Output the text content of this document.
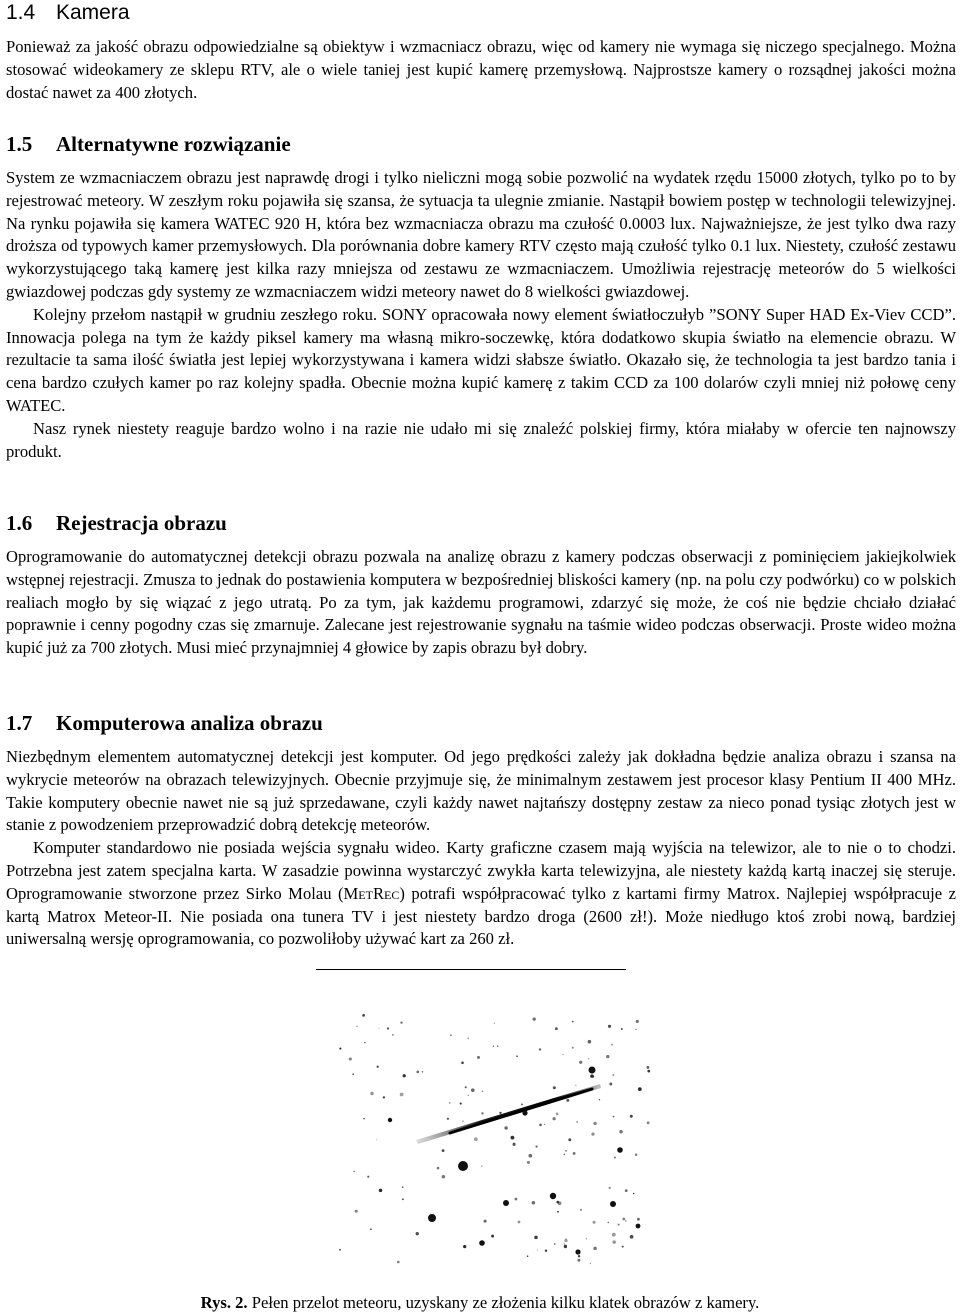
1.4 Kamera

Ponieważ za jakość obrazu odpowiedzialne są obiektyw i wzmacniacz obrazu, więc od kamery nie wymaga się niczego specjalnego. Można stosować wideokamery ze sklepu RTV, ale o wiele taniej jest kupić kamerę przemysłową. Najprostsze kamery o rozsądnej jakości można dostać nawet za 400 złotych.

1.5	Alternatywne rozwiązanie

System ze wzmacniaczem obrazu jest naprawdę drogi i tylko nieliczni mogą sobie pozwolić na wydatek rzędu 15000 złotych, tylko po to by rejestrować meteory. W zeszłym roku pojawiła się szansa, że sytuacja ta ulegnie zmianie. Nastąpił bowiem postęp w technologii telewizyjnej. Na rynku pojawiła się kamera WATEC 920 H, która bez wzmacniacza obrazu ma czułość 0.0003 lux. Najważniejsze, że jest tylko dwa razy droższa od typowych kamer przemysłowych. Dla porównania dobre kamery RTV często mają czułość tylko 0.1 lux. Niestety, czułość zestawu wykorzystującego taką kamerę jest kilka razy mniejsza od zestawu ze wzmacniaczem. Umożliwia rejestrację meteorów do 5 wielkości gwiazdowej podczas gdy systemy ze wzmacniaczem widzi meteory nawet do 8 wielkości gwiazdowej.

Kolejny przełom nastąpił w grudniu zeszłego roku. SONY opracowała nowy element światłoczułyb ”SONY Super HAD Ex-Viev CCD”. Innowacja polega na tym że każdy piksel kamery ma własną mikro-soczewkę, która dodatkowo skupia światło na elemencie obrazu. W rezultacie ta sama ilość światła jest lepiej wykorzystywana i kamera widzi słabsze światło. Okazało się, że technologia ta jest bardzo tania i cena bardzo czułych kamer po raz kolejny spadła. Obecnie można kupić kamerę z takim CCD za 100 dolarów czyli mniej niż połowę ceny WATEC.

Nasz rynek niestety reaguje bardzo wolno i na razie nie udało mi się znaleźć polskiej firmy, która miałaby w ofercie ten najnowszy produkt.

1.6	Rejestracja obrazu

Oprogramowanie do automatycznej detekcji obrazu pozwala na analizę obrazu z kamery podczas obserwacji z pominięciem jakiejkolwiek wstępnej rejestracji. Zmusza to jednak do postawienia komputera w bezpośredniej bliskości kamery (np. na polu czy podwórku) co w polskich realiach mogło by się wiązać z jego utratą. Po za tym, jak każdemu programowi, zdarzyć się może, że coś nie będzie chciało działać poprawnie i cenny pogodny czas się zmarnuje. Zalecane jest rejestrowanie sygnału na taśmie wideo podczas obserwacji. Proste wideo można kupić już za 700 złotych. Musi mieć przynajmniej 4 głowice by zapis obrazu był dobry.

1.7	Komputerowa analiza obrazu

Niezbędnym elementem automatycznej detekcji jest komputer. Od jego prędkości zależy jak dokładna będzie analiza obrazu i szansa na wykrycie meteorów na obrazach telewizyjnych. Obecnie przyjmuje się, że minimalnym zestawem jest procesor klasy Pentium II 400 MHz. Takie komputery obecnie nawet nie są już sprzedawane, czyli każdy nawet najtańszy dostępny zestaw za nieco ponad tysiąc złotych jest w stanie z powodzeniem przeprowadzić dobrą detekcję meteorów.

Komputer standardowo nie posiada wejścia sygnału wideo. Karty graficzne czasem mają wyjścia na telewizor, ale to nie o to chodzi. Potrzebna jest zatem specjalna karta. W zasadzie powinna wystarczyć zwykła karta telewizyjna, ale niestety każdą kartą inaczej się steruje. Oprogramowanie stworzone przez Sirko Molau (MetRec) potrafi współpracować tylko z kartami firmy Matrox. Najlepiej współpracuje z kartą Matrox Meteor-II. Nie posiada ona tunera TV i jest niestety bardzo droga (2600 zł!). Może niedługo ktoś zrobi nową, bardziej uniwersalną wersję oprogramowania, co pozwoliłoby używać kart za 260 zł.

Rys. 2. Pełen przelot meteoru, uzyskany ze złożenia kilku klatek obrazów z kamery.
